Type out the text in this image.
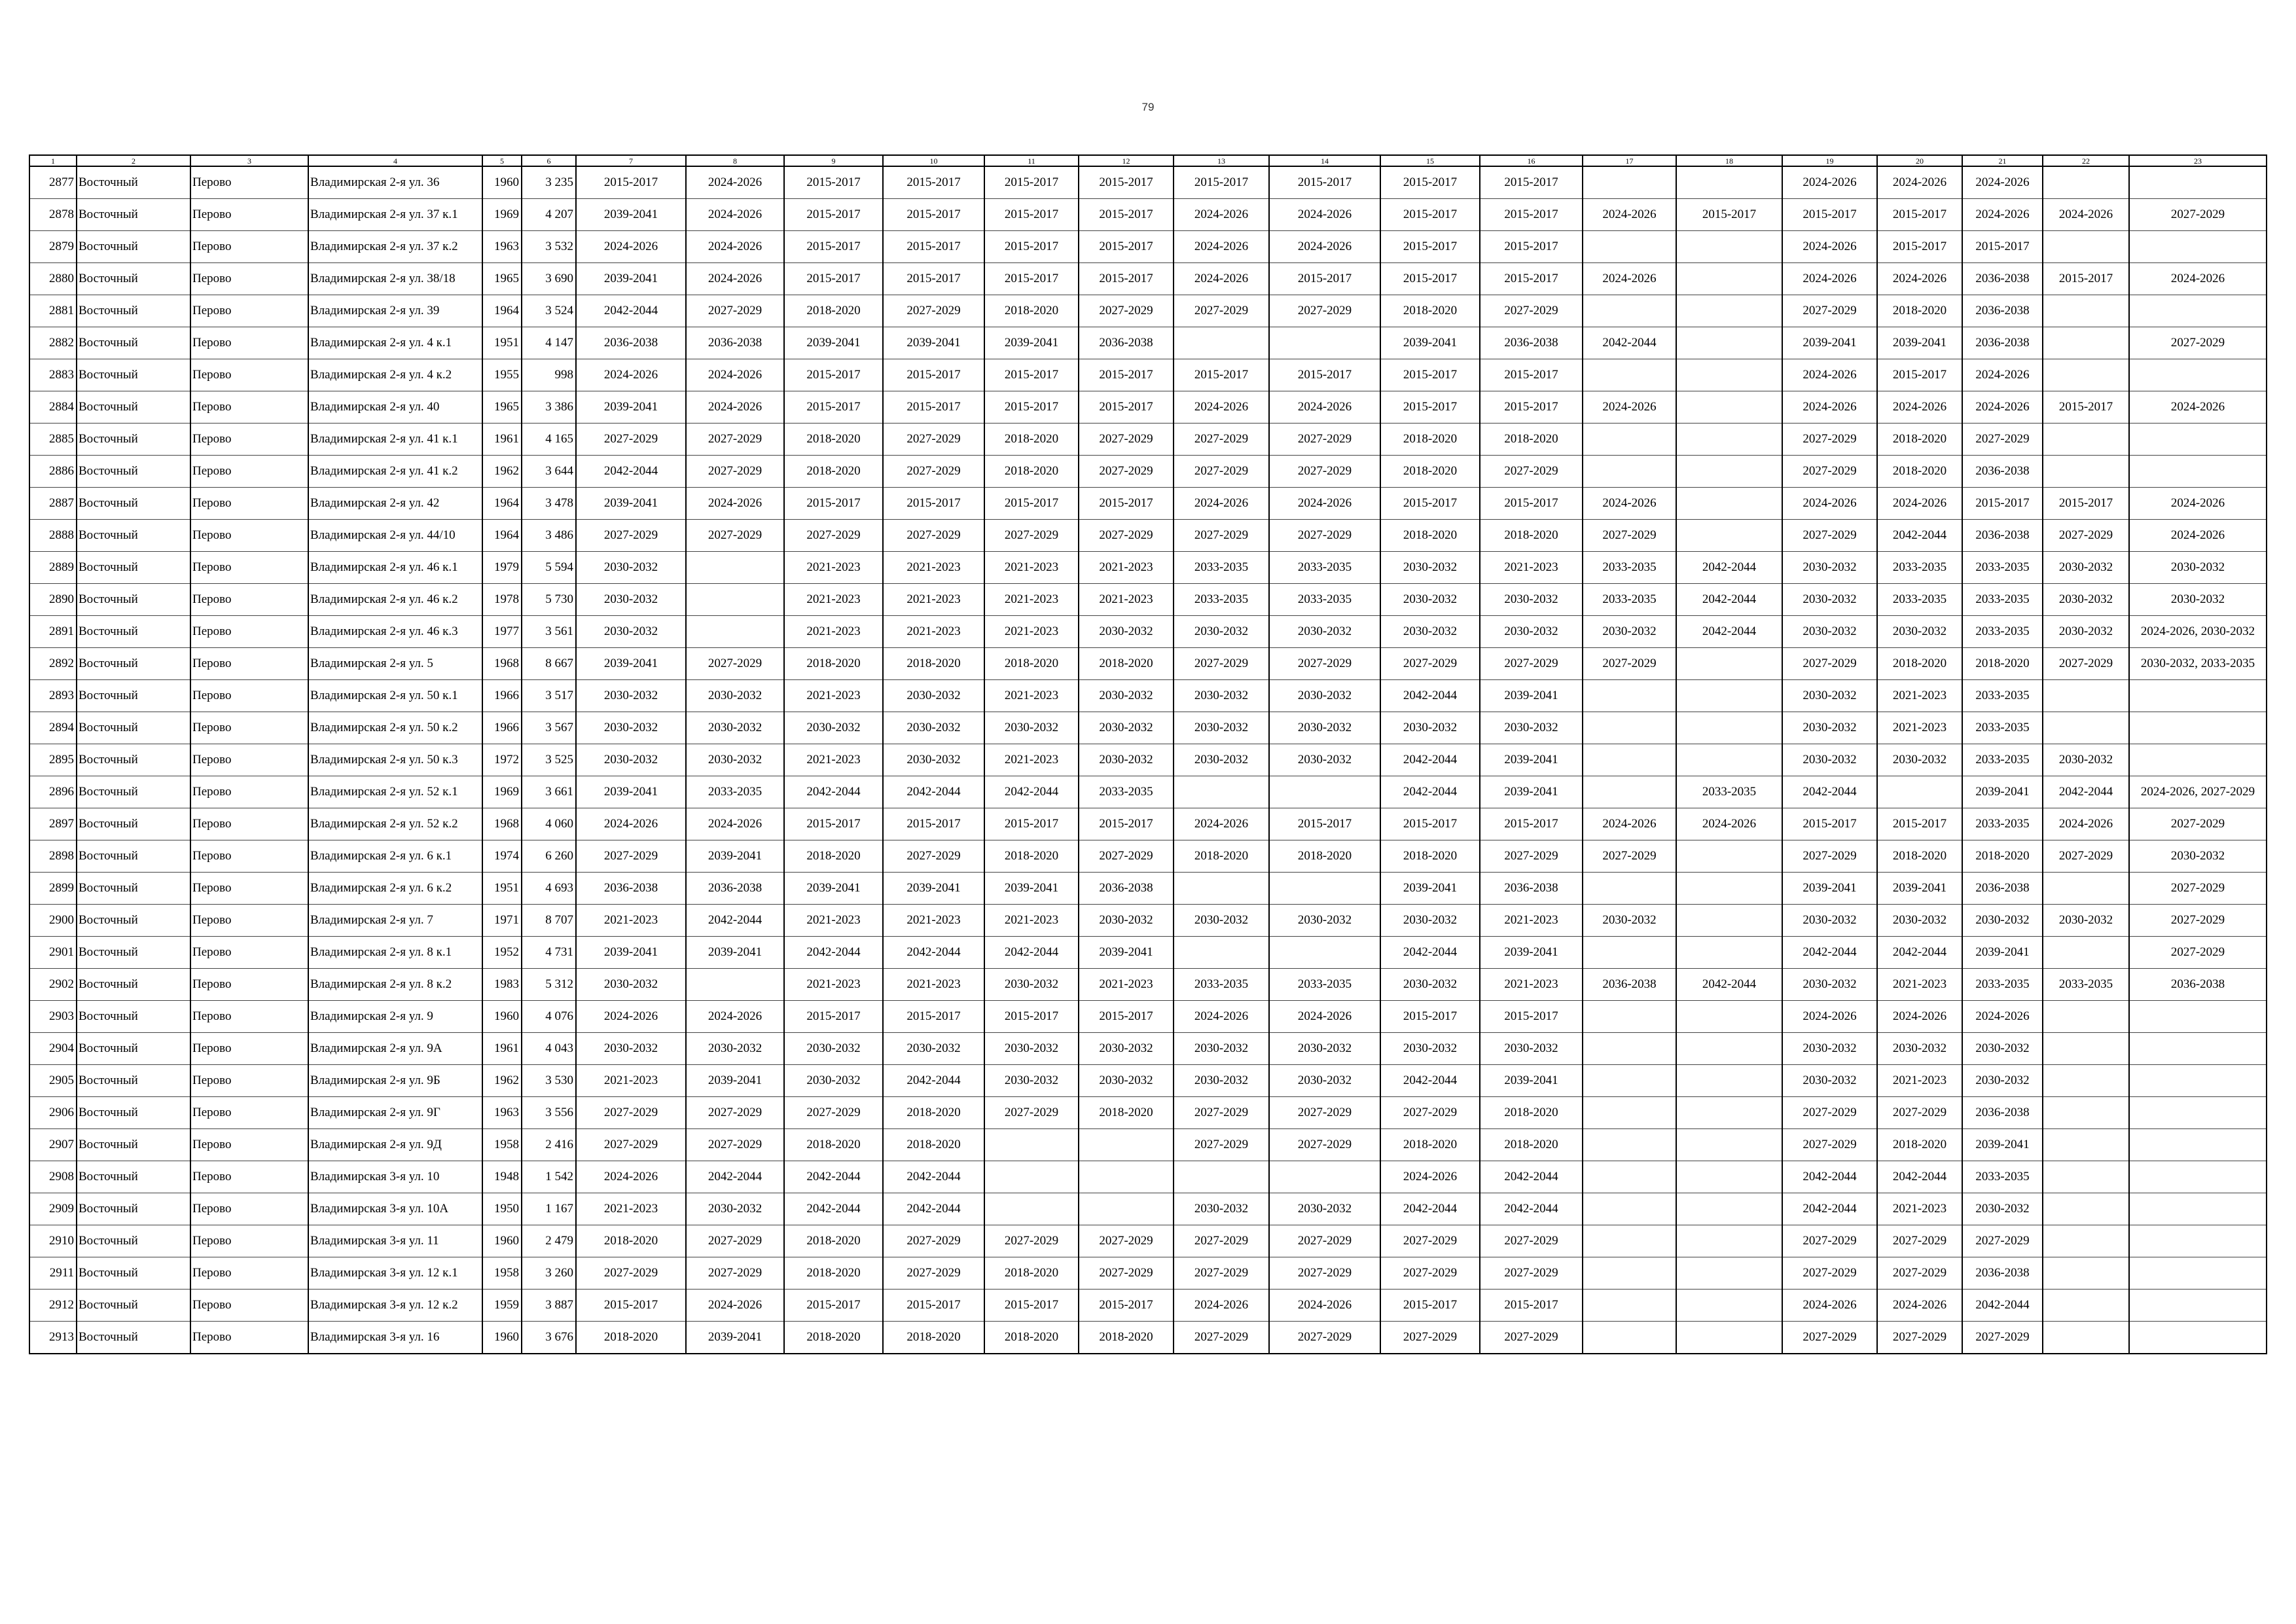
79
1	2	3	4	5	6	7	8	9	10	11	12	13	14	15	16	17	18	19	20	21	22	23
2877	Восточный	Перово	Владимирская 2-я ул. 36	1960	3 235	2015-2017	2024-2026	2015-2017	2015-2017	2015-2017	2015-2017	2015-2017	2015-2017	2015-2017	2015-2017			2024-2026	2024-2026	2024-2026		
2878	Восточный	Перово	Владимирская 2-я ул. 37 к.1	1969	4 207	2039-2041	2024-2026	2015-2017	2015-2017	2015-2017	2015-2017	2024-2026	2024-2026	2015-2017	2015-2017	2024-2026	2015-2017	2015-2017	2015-2017	2024-2026	2024-2026	2027-2029
2879	Восточный	Перово	Владимирская 2-я ул. 37 к.2	1963	3 532	2024-2026	2024-2026	2015-2017	2015-2017	2015-2017	2015-2017	2024-2026	2024-2026	2015-2017	2015-2017			2024-2026	2015-2017	2015-2017		
2880	Восточный	Перово	Владимирская 2-я ул. 38/18	1965	3 690	2039-2041	2024-2026	2015-2017	2015-2017	2015-2017	2015-2017	2024-2026	2015-2017	2015-2017	2015-2017	2024-2026		2024-2026	2024-2026	2036-2038	2015-2017	2024-2026
2881	Восточный	Перово	Владимирская 2-я ул. 39	1964	3 524	2042-2044	2027-2029	2018-2020	2027-2029	2018-2020	2027-2029	2027-2029	2027-2029	2018-2020	2027-2029			2027-2029	2018-2020	2036-2038		
2882	Восточный	Перово	Владимирская 2-я ул. 4 к.1	1951	4 147	2036-2038	2036-2038	2039-2041	2039-2041	2039-2041	2036-2038			2039-2041	2036-2038	2042-2044		2039-2041	2039-2041	2036-2038		2027-2029
2883	Восточный	Перово	Владимирская 2-я ул. 4 к.2	1955	998	2024-2026	2024-2026	2015-2017	2015-2017	2015-2017	2015-2017	2015-2017	2015-2017	2015-2017	2015-2017			2024-2026	2015-2017	2024-2026		
2884	Восточный	Перово	Владимирская 2-я ул. 40	1965	3 386	2039-2041	2024-2026	2015-2017	2015-2017	2015-2017	2015-2017	2024-2026	2024-2026	2015-2017	2015-2017	2024-2026		2024-2026	2024-2026	2024-2026	2015-2017	2024-2026
2885	Восточный	Перово	Владимирская 2-я ул. 41 к.1	1961	4 165	2027-2029	2027-2029	2018-2020	2027-2029	2018-2020	2027-2029	2027-2029	2027-2029	2018-2020	2018-2020			2027-2029	2018-2020	2027-2029		
2886	Восточный	Перово	Владимирская 2-я ул. 41 к.2	1962	3 644	2042-2044	2027-2029	2018-2020	2027-2029	2018-2020	2027-2029	2027-2029	2027-2029	2018-2020	2027-2029			2027-2029	2018-2020	2036-2038		
2887	Восточный	Перово	Владимирская 2-я ул. 42	1964	3 478	2039-2041	2024-2026	2015-2017	2015-2017	2015-2017	2015-2017	2024-2026	2024-2026	2015-2017	2015-2017	2024-2026		2024-2026	2024-2026	2015-2017	2015-2017	2024-2026
2888	Восточный	Перово	Владимирская 2-я ул. 44/10	1964	3 486	2027-2029	2027-2029	2027-2029	2027-2029	2027-2029	2027-2029	2027-2029	2027-2029	2018-2020	2018-2020	2027-2029		2027-2029	2042-2044	2036-2038	2027-2029	2024-2026
2889	Восточный	Перово	Владимирская 2-я ул. 46 к.1	1979	5 594	2030-2032		2021-2023	2021-2023	2021-2023	2021-2023	2033-2035	2033-2035	2030-2032	2021-2023	2033-2035	2042-2044	2030-2032	2033-2035	2033-2035	2030-2032	2030-2032
2890	Восточный	Перово	Владимирская 2-я ул. 46 к.2	1978	5 730	2030-2032		2021-2023	2021-2023	2021-2023	2021-2023	2033-2035	2033-2035	2030-2032	2030-2032	2033-2035	2042-2044	2030-2032	2033-2035	2033-2035	2030-2032	2030-2032
2891	Восточный	Перово	Владимирская 2-я ул. 46 к.3	1977	3 561	2030-2032		2021-2023	2021-2023	2021-2023	2030-2032	2030-2032	2030-2032	2030-2032	2030-2032	2030-2032	2042-2044	2030-2032	2030-2032	2033-2035	2030-2032	2024-2026, 2030-2032
2892	Восточный	Перово	Владимирская 2-я ул. 5	1968	8 667	2039-2041	2027-2029	2018-2020	2018-2020	2018-2020	2018-2020	2027-2029	2027-2029	2027-2029	2027-2029	2027-2029		2027-2029	2018-2020	2018-2020	2027-2029	2030-2032, 2033-2035
2893	Восточный	Перово	Владимирская 2-я ул. 50 к.1	1966	3 517	2030-2032	2030-2032	2021-2023	2030-2032	2021-2023	2030-2032	2030-2032	2030-2032	2042-2044	2039-2041			2030-2032	2021-2023	2033-2035		
2894	Восточный	Перово	Владимирская 2-я ул. 50 к.2	1966	3 567	2030-2032	2030-2032	2030-2032	2030-2032	2030-2032	2030-2032	2030-2032	2030-2032	2030-2032	2030-2032			2030-2032	2021-2023	2033-2035		
2895	Восточный	Перово	Владимирская 2-я ул. 50 к.3	1972	3 525	2030-2032	2030-2032	2021-2023	2030-2032	2021-2023	2030-2032	2030-2032	2030-2032	2042-2044	2039-2041			2030-2032	2030-2032	2033-2035	2030-2032	
2896	Восточный	Перово	Владимирская 2-я ул. 52 к.1	1969	3 661	2039-2041	2033-2035	2042-2044	2042-2044	2042-2044	2033-2035			2042-2044	2039-2041		2033-2035	2042-2044		2039-2041	2042-2044	2024-2026, 2027-2029
2897	Восточный	Перово	Владимирская 2-я ул. 52 к.2	1968	4 060	2024-2026	2024-2026	2015-2017	2015-2017	2015-2017	2015-2017	2024-2026	2015-2017	2015-2017	2015-2017	2024-2026	2024-2026	2015-2017	2015-2017	2033-2035	2024-2026	2027-2029
2898	Восточный	Перово	Владимирская 2-я ул. 6 к.1	1974	6 260	2027-2029	2039-2041	2018-2020	2027-2029	2018-2020	2027-2029	2018-2020	2018-2020	2018-2020	2027-2029	2027-2029		2027-2029	2018-2020	2018-2020	2027-2029	2030-2032
2899	Восточный	Перово	Владимирская 2-я ул. 6 к.2	1951	4 693	2036-2038	2036-2038	2039-2041	2039-2041	2039-2041	2036-2038			2039-2041	2036-2038			2039-2041	2039-2041	2036-2038		2027-2029
2900	Восточный	Перово	Владимирская 2-я ул. 7	1971	8 707	2021-2023	2042-2044	2021-2023	2021-2023	2021-2023	2030-2032	2030-2032	2030-2032	2030-2032	2021-2023	2030-2032		2030-2032	2030-2032	2030-2032	2030-2032	2027-2029
2901	Восточный	Перово	Владимирская 2-я ул. 8 к.1	1952	4 731	2039-2041	2039-2041	2042-2044	2042-2044	2042-2044	2039-2041			2042-2044	2039-2041			2042-2044	2042-2044	2039-2041		2027-2029
2902	Восточный	Перово	Владимирская 2-я ул. 8 к.2	1983	5 312	2030-2032		2021-2023	2021-2023	2030-2032	2021-2023	2033-2035	2033-2035	2030-2032	2021-2023	2036-2038	2042-2044	2030-2032	2021-2023	2033-2035	2033-2035	2036-2038
2903	Восточный	Перово	Владимирская 2-я ул. 9	1960	4 076	2024-2026	2024-2026	2015-2017	2015-2017	2015-2017	2015-2017	2024-2026	2024-2026	2015-2017	2015-2017			2024-2026	2024-2026	2024-2026		
2904	Восточный	Перово	Владимирская 2-я ул. 9А	1961	4 043	2030-2032	2030-2032	2030-2032	2030-2032	2030-2032	2030-2032	2030-2032	2030-2032	2030-2032	2030-2032			2030-2032	2030-2032	2030-2032		
2905	Восточный	Перово	Владимирская 2-я ул. 9Б	1962	3 530	2021-2023	2039-2041	2030-2032	2042-2044	2030-2032	2030-2032	2030-2032	2030-2032	2042-2044	2039-2041			2030-2032	2021-2023	2030-2032		
2906	Восточный	Перово	Владимирская 2-я ул. 9Г	1963	3 556	2027-2029	2027-2029	2027-2029	2018-2020	2027-2029	2018-2020	2027-2029	2027-2029	2027-2029	2018-2020			2027-2029	2027-2029	2036-2038		
2907	Восточный	Перово	Владимирская 2-я ул. 9Д	1958	2 416	2027-2029	2027-2029	2018-2020	2018-2020			2027-2029	2027-2029	2018-2020	2018-2020			2027-2029	2018-2020	2039-2041		
2908	Восточный	Перово	Владимирская 3-я ул. 10	1948	1 542	2024-2026	2042-2044	2042-2044	2042-2044					2024-2026	2042-2044			2042-2044	2042-2044	2033-2035		
2909	Восточный	Перово	Владимирская 3-я ул. 10А	1950	1 167	2021-2023	2030-2032	2042-2044	2042-2044			2030-2032	2030-2032	2042-2044	2042-2044			2042-2044	2021-2023	2030-2032		
2910	Восточный	Перово	Владимирская 3-я ул. 11	1960	2 479	2018-2020	2027-2029	2018-2020	2027-2029	2027-2029	2027-2029	2027-2029	2027-2029	2027-2029	2027-2029			2027-2029	2027-2029	2027-2029		
2911	Восточный	Перово	Владимирская 3-я ул. 12 к.1	1958	3 260	2027-2029	2027-2029	2018-2020	2027-2029	2018-2020	2027-2029	2027-2029	2027-2029	2027-2029	2027-2029			2027-2029	2027-2029	2036-2038		
2912	Восточный	Перово	Владимирская 3-я ул. 12 к.2	1959	3 887	2015-2017	2024-2026	2015-2017	2015-2017	2015-2017	2015-2017	2024-2026	2024-2026	2015-2017	2015-2017			2024-2026	2024-2026	2042-2044		
2913	Восточный	Перово	Владимирская 3-я ул. 16	1960	3 676	2018-2020	2039-2041	2018-2020	2018-2020	2018-2020	2018-2020	2027-2029	2027-2029	2027-2029	2027-2029			2027-2029	2027-2029	2027-2029		
